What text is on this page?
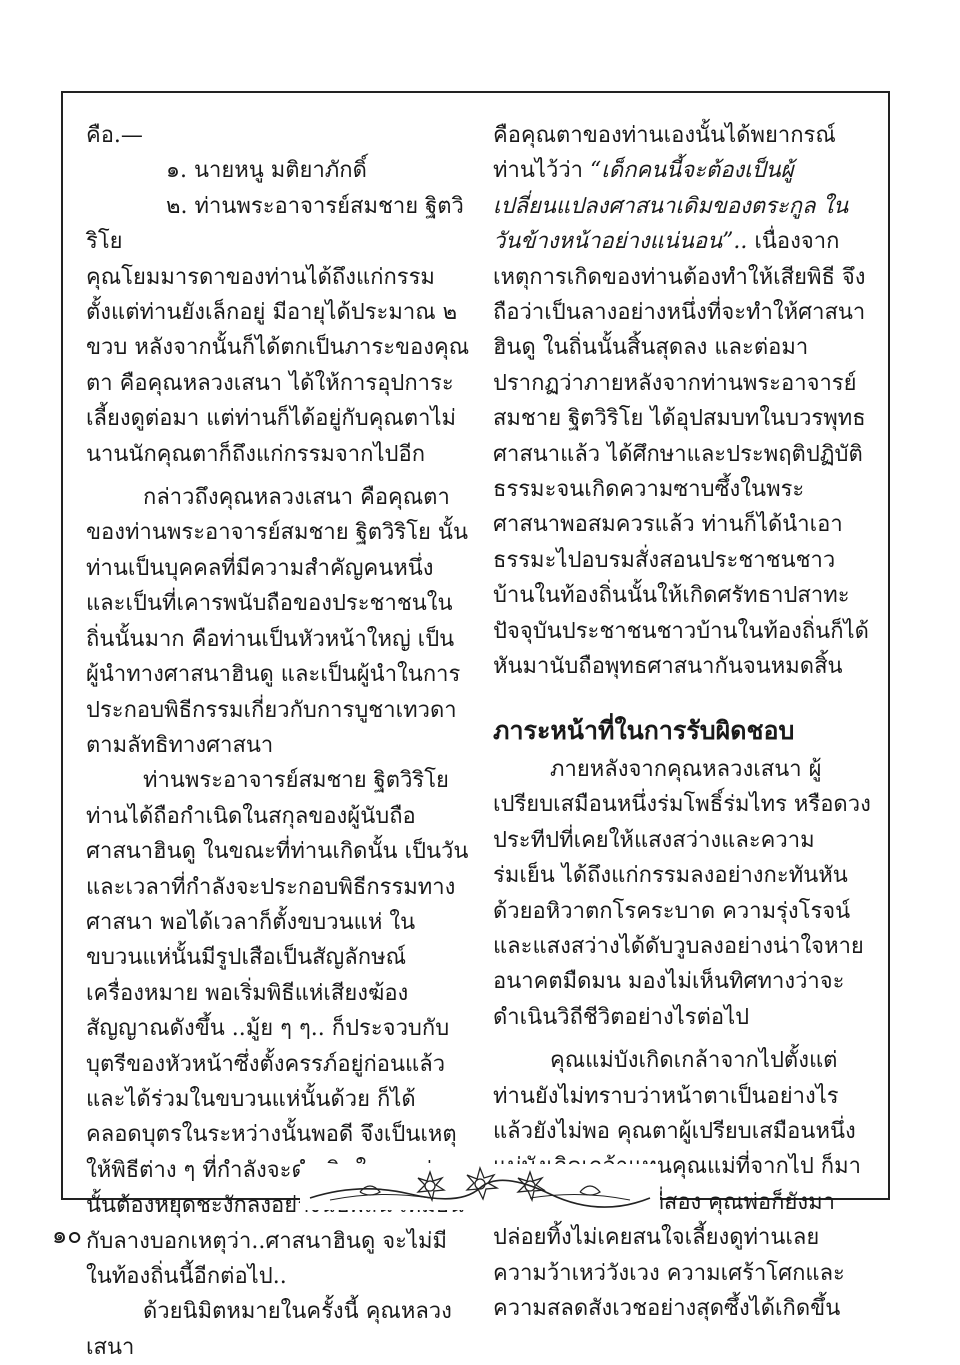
คือ.—

๑. นายหนู มติยาภักดิ์

๒. ท่านพระอาจารย์สมชาย ฐิตวิริโย

คุณโยมมารดาของท่านได้ถึงแก่กรรม ตั้งแต่ท่านยังเล็กอยู่ มีอายุได้ประมาณ ๒ ขวบ หลังจากนั้นก็ได้ตกเป็นภาระของคุณตา คือคุณหลวงเสนา ได้ให้การอุปการะเลี้ยงดูต่อมา แต่ท่านก็ได้อยู่กับคุณตาไม่นานนักคุณตาก็ถึงแก่กรรมจากไปอีก

กล่าวถึงคุณหลวงเสนา คือคุณตาของท่านพระอาจารย์สมชาย ฐิตวิริโย นั้น ท่านเป็นบุคคลที่มีความสำคัญคนหนึ่ง และเป็นที่เคารพนับถือของประชาชนในถิ่นนั้นมาก คือท่านเป็นหัวหน้าใหญ่ เป็นผู้นำทางศาสนาฮินดู และเป็นผู้นำในการประกอบพิธีกรรมเกี่ยวกับการบูชาเทวดาตามลัทธิทางศาสนา

ท่านพระอาจารย์สมชาย ฐิตวิริโย ท่านได้ถือกำเนิดในสกุลของผู้นับถือศาสนาฮินดู ในขณะที่ท่านเกิดนั้น เป็นวันและเวลาที่กำลังจะประกอบพิธีกรรมทางศาสนา พอได้เวลาก็ตั้งขบวนแห่ ในขบวนแห่นั้นมีรูปเสือเป็นสัญลักษณ์เครื่องหมาย พอเริ่มพิธีแห่เสียงฆ้องสัญญาณดังขึ้น ..มู้ย ๆ ๆ.. ก็ประจวบกับบุตรีของหัวหน้าซึ่งตั้งครรภ์อยู่ก่อนแล้ว และได้ร่วมในขบวนแห่นั้นด้วย ก็ได้คลอดบุตรในระหว่างนั้นพอดี จึงเป็นเหตุให้พิธีต่าง ๆ ที่กำลังจะดำเนินในระหว่างนั้นต้องหยุดชะงักลงอย่างฉับพลัน เหมือนกับลางบอกเหตุว่า..ศาสนาฮินดู จะไม่มีในท้องถิ่นนี้อีกต่อไป..

ด้วยนิมิตหมายในครั้งนี้ คุณหลวงเสนา

คือคุณตาของท่านเองนั้นได้พยากรณ์ท่านไว้ว่า “เด็กคนนี้จะต้องเป็นผู้เปลี่ยนแปลงศาสนาเดิมของตระกูล ในวันข้างหน้าอย่างแน่นอน”.. เนื่องจากเหตุการเกิดของท่านต้องทำให้เสียพิธี จึงถือว่าเป็นลางอย่างหนึ่งที่จะทำให้ศาสนาฮินดู ในถิ่นนั้นสิ้นสุดลง และต่อมาปรากฏว่าภายหลังจากท่านพระอาจารย์สมชาย ฐิตวิริโย ได้อุปสมบทในบวรพุทธศาสนาแล้ว ได้ศึกษาและประพฤติปฏิบัติธรรมะจนเกิดความซาบซึ้งในพระศาสนาพอสมควรแล้ว ท่านก็ได้นำเอาธรรมะไปอบรมสั่งสอนประชาชนชาวบ้านในท้องถิ่นนั้นให้เกิดศรัทธาปสาทะ ปัจจุบันประชาชนชาวบ้านในท้องถิ่นก็ได้หันมานับถือพุทธศาสนากันจนหมดสิ้น

ภาระหน้าที่ในการรับผิดชอบ

ภายหลังจากคุณหลวงเสนา ผู้เปรียบเสมือนหนึ่งร่มโพธิ์ร่มไทร หรือดวงประทีปที่เคยให้แสงสว่างและความร่มเย็น ได้ถึงแก่กรรมลงอย่างกะทันหันด้วยอหิวาตกโรคระบาด ความรุ่งโรจน์และแสงสว่างได้ดับวูบลงอย่างน่าใจหาย อนาคตมืดมน มองไม่เห็นทิศทางว่าจะดำเนินวิถีชีวิตอย่างไรต่อไป

คุณแม่บังเกิดเกล้าจากไปตั้งแต่ท่านยังไม่ทราบว่าหน้าตาเป็นอย่างไรแล้วยังไม่พอ คุณตาผู้เปรียบเสมือนหนึ่งแม่บังเกิดเกล้าแทนคุณแม่ที่จากไป ก็มาจากไปอีกเป็นคนที่สอง คุณพ่อก็ยังมาปล่อยทิ้งไม่เคยสนใจเลี้ยงดูท่านเลย ความว้าเหว่วังเวง ความเศร้าโศกและความสลดสังเวชอย่างสุดซึ้งได้เกิดขึ้น

๑๐
